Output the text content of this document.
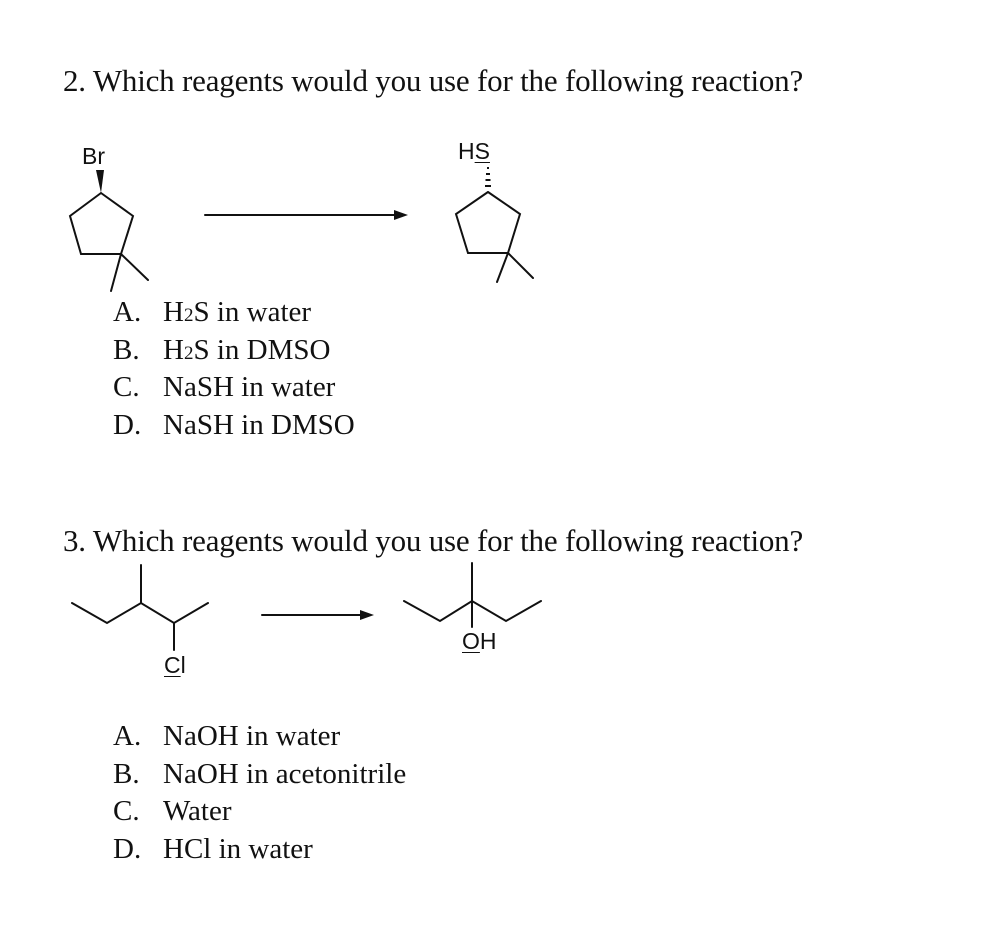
2. Which reagents would you use for the following reaction?
Br	HS
A. H2S in water
B. H2S in DMSO
C. NaSH in water
D. NaSH in DMSO
3. Which reagents would you use for the following reaction?
Cl
OH
A. NaOH in water
B. NaOH in acetonitrile
C. Water
D. HCl in water
